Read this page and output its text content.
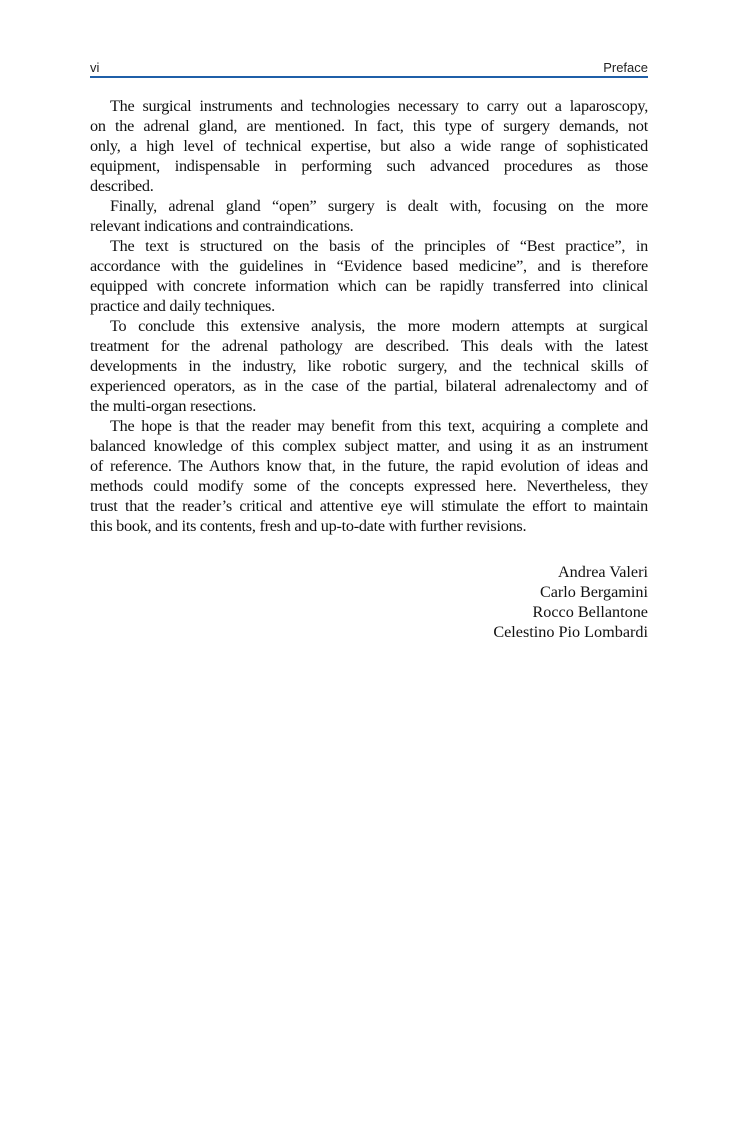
vi	Preface
The surgical instruments and technologies necessary to carry out a laparoscopy,
on the adrenal gland, are mentioned. In fact, this type of surgery demands, not
only, a high level of technical expertise, but also a wide range of sophisticated
equipment, indispensable in performing such advanced procedures as those
described.
Finally, adrenal gland “open” surgery is dealt with, focusing on the more
relevant indications and contraindications.
The text is structured on the basis of the principles of “Best practice”, in
accordance with the guidelines in “Evidence based medicine”, and is therefore
equipped with concrete information which can be rapidly transferred into clinical
practice and daily techniques.
To conclude this extensive analysis, the more modern attempts at surgical
treatment for the adrenal pathology are described. This deals with the latest
developments in the industry, like robotic surgery, and the technical skills of
experienced operators, as in the case of the partial, bilateral adrenalectomy and of
the multi-organ resections.
The hope is that the reader may benefit from this text, acquiring a complete and
balanced knowledge of this complex subject matter, and using it as an instrument
of reference. The Authors know that, in the future, the rapid evolution of ideas and
methods could modify some of the concepts expressed here. Nevertheless, they
trust that the reader’s critical and attentive eye will stimulate the effort to maintain
this book, and its contents, fresh and up-to-date with further revisions.
Andrea Valeri
Carlo Bergamini
Rocco Bellantone
Celestino Pio Lombardi
